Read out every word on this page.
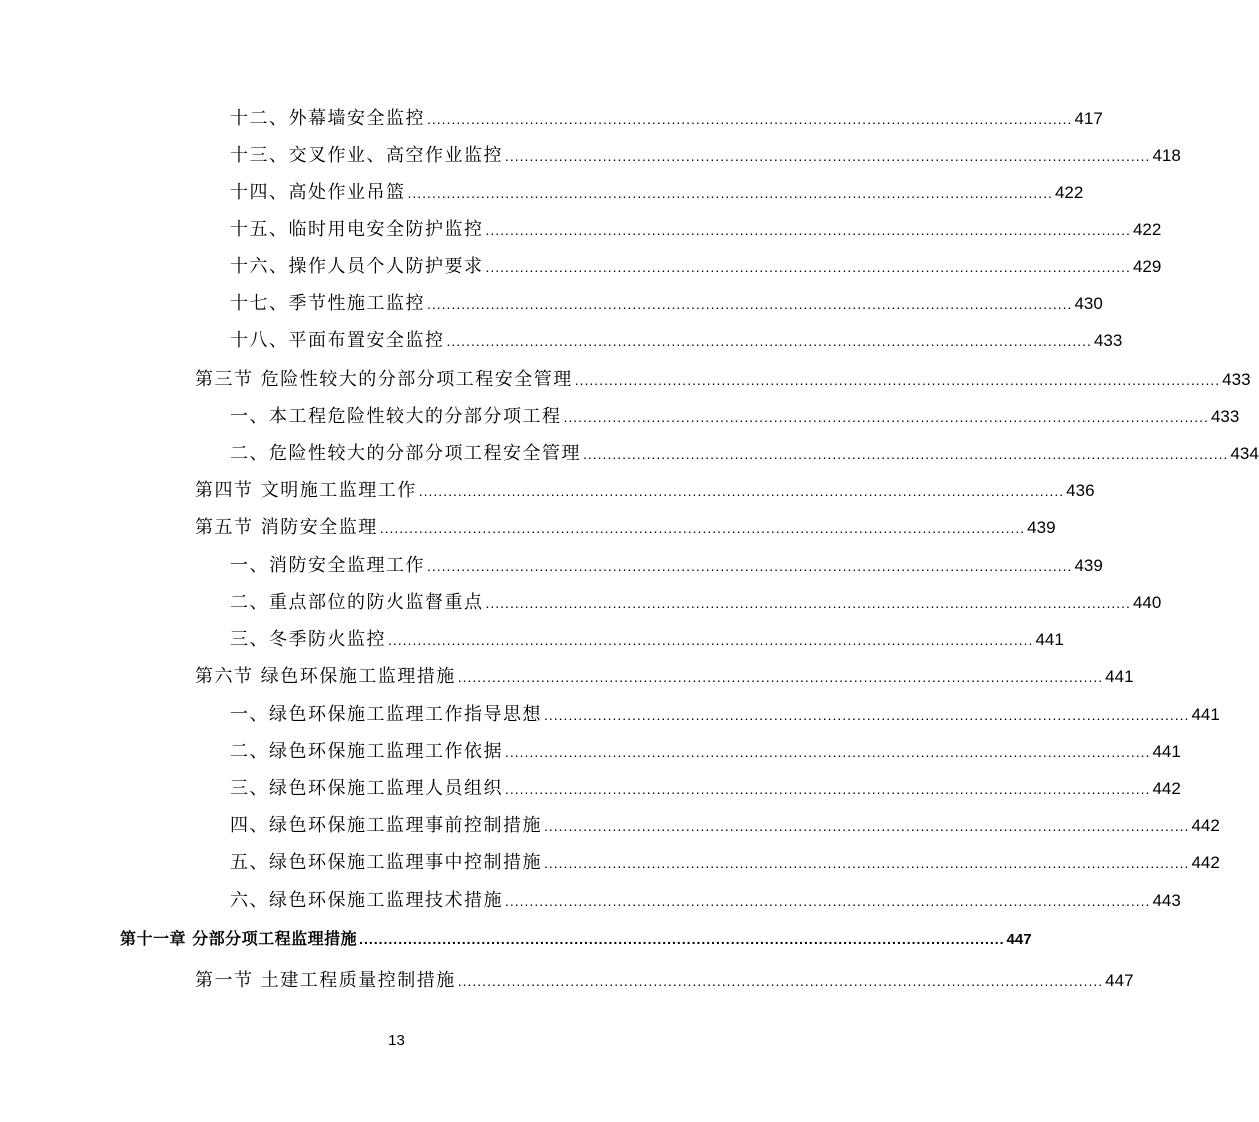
十二、外幕墙安全监控 .................................................................................................................................... 417
十三、交叉作业、高空作业监控 .................................................................................................................................... 418
十四、高处作业吊篮 .................................................................................................................................... 422
十五、临时用电安全防护监控 .................................................................................................................................... 422
十六、操作人员个人防护要求 .................................................................................................................................... 429
十七、季节性施工监控 .................................................................................................................................... 430
十八、平面布置安全监控 .................................................................................................................................... 433
第三节 危险性较大的分部分项工程安全管理 .................................................................................................................................... 433
一、本工程危险性较大的分部分项工程 .................................................................................................................................... 433
二、危险性较大的分部分项工程安全管理 .................................................................................................................................... 434
第四节 文明施工监理工作 .................................................................................................................................... 436
第五节 消防安全监理 .................................................................................................................................... 439
一、消防安全监理工作 .................................................................................................................................... 439
二、重点部位的防火监督重点 .................................................................................................................................... 440
三、冬季防火监控 .................................................................................................................................... 441
第六节 绿色环保施工监理措施 .................................................................................................................................... 441
一、绿色环保施工监理工作指导思想 .................................................................................................................................... 441
二、绿色环保施工监理工作依据 .................................................................................................................................... 441
三、绿色环保施工监理人员组织 .................................................................................................................................... 442
四、绿色环保施工监理事前控制措施 .................................................................................................................................... 442
五、绿色环保施工监理事中控制措施 .................................................................................................................................... 442
六、绿色环保施工监理技术措施 .................................................................................................................................... 443
第十一章 分部分项工程监理措施 .................................................................................................................................... 447
第一节 土建工程质量控制措施 .................................................................................................................................... 447
13
